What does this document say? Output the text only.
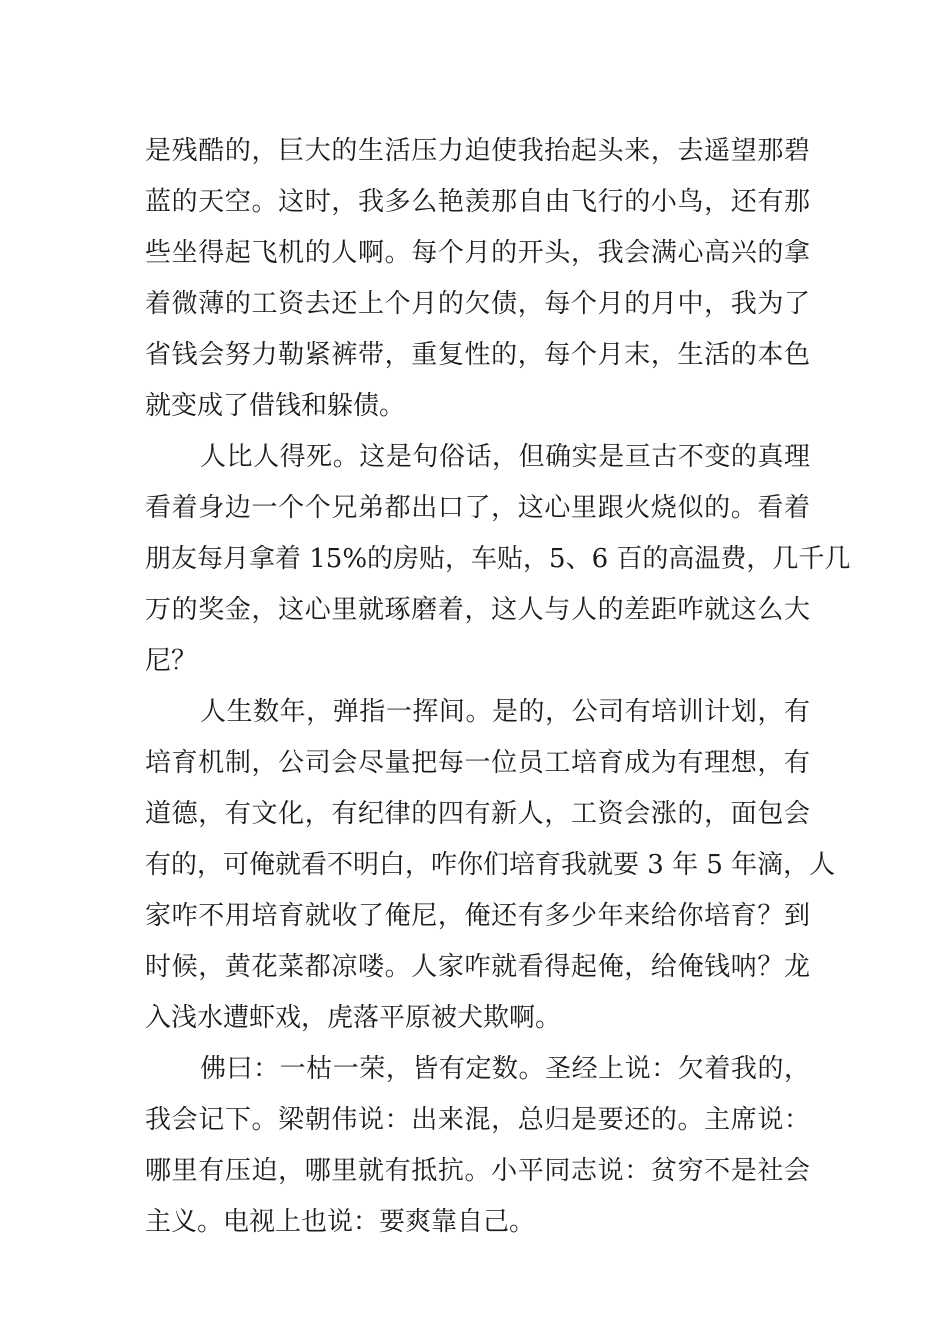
是残酷的，巨大的生活压力迫使我抬起头来，去遥望那碧
蓝的天空。这时，我多么艳羡那自由飞行的小鸟，还有那
些坐得起飞机的人啊。每个月的开头，我会满心高兴的拿
着微薄的工资去还上个月的欠债，每个月的月中，我为了
省钱会努力勒紧裤带，重复性的，每个月末，生活的本色
就变成了借钱和躲债。
人比人得死。这是句俗话，但确实是亘古不变的真理
看着身边一个个兄弟都出口了，这心里跟火烧似的。看着
朋友每月拿着 15%的房贴，车贴，5、6 百的高温费，几千几
万的奖金，这心里就琢磨着，这人与人的差距咋就这么大
尼？
人生数年，弹指一挥间。是的，公司有培训计划，有
培育机制，公司会尽量把每一位员工培育成为有理想，有
道德，有文化，有纪律的四有新人，工资会涨的，面包会
有的，可俺就看不明白，咋你们培育我就要 3 年 5 年滴，人
家咋不用培育就收了俺尼，俺还有多少年来给你培育？到
时候，黄花菜都凉喽。人家咋就看得起俺，给俺钱呐？龙
入浅水遭虾戏，虎落平原被犬欺啊。
佛曰：一枯一荣，皆有定数。圣经上说：欠着我的，
我会记下。梁朝伟说：出来混，总归是要还的。主席说：
哪里有压迫，哪里就有抵抗。小平同志说：贫穷不是社会
主义。电视上也说：要爽靠自己。
